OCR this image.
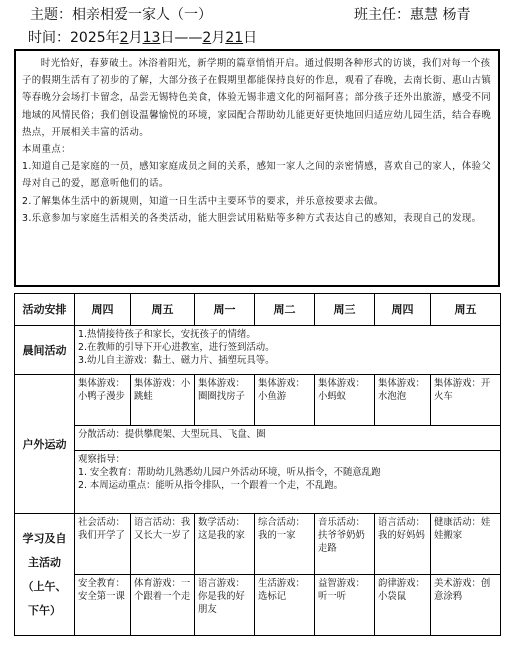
主题：相亲相爱一家人（一）	班主任：惠慧 杨青
时间：2025年2月13日——2月21日

时光恰好，春萝破土。沐浴着阳光，新学期的篇章悄悄开启。通过假期各种形式的访谈，我们对每一个孩子的假期生活有了初步的了解，大部分孩子在假期里都能保持良好的作息，观看了春晚，去南长街、惠山古镇等春晚分会场打卡留念，品尝无锡特色美食，体验无锡非遗文化的阿福阿喜；部分孩子还外出旅游，感受不同地域的风情民俗；我们创设温馨愉悦的环境，家园配合帮助幼儿能更好更快地回归适应幼儿园生活，结合春晚热点，开展相关丰富的活动。

本周重点：

1.知道自己是家庭的一员，感知家庭成员之间的关系，感知一家人之间的亲密情感，喜欢自己的家人，体验父母对自己的爱，愿意听他们的话。

2.了解集体生活中的新规则，知道一日生活中主要环节的要求，并乐意按要求去做。

3.乐意参加与家庭生活相关的各类活动，能大胆尝试用粘贴等多种方式表达自己的感知，表现自己的发现。

活动安排	周四	周五	周一	周二	周三	周四	周五
晨间活动	1.热情接待孩子和家长，安抚孩子的情绪。

2.在教师的引导下开心进教室，进行签到活动。

3.幼儿自主游戏：黏土、磁力片、插塑玩具等。						

户外运动	集体游戏：小鸭子漫步	集体游戏：小跳蛙	集体游戏：圈圈找房子	集体游戏：小鱼游	集体游戏：小蚂蚁	集体游戏：水泡泡	集体游戏：开火车
	分散活动：提供攀爬架、大型玩具、飞盘、圈						

	观察指导：

1. 安全教育：帮助幼儿熟悉幼儿园户外活动环境，听从指令，不随意乱跑

2. 本周运动重点：能听从指令排队，一个跟着一个走，不乱跑。						

学习及自
主活动
（上午、
下午）	社会活动：我们开学了	语言活动：我又长大一岁了	数学活动：这是我的家	综合活动：我的一家	音乐活动：扶爷爷奶奶走路	语言活动：我的好妈妈	健康活动：娃娃搬家
	安全教育：安全第一课	体育游戏：一个跟着一个走	语言游戏：你是我的好朋友	生活游戏：选标记	益智游戏：听一听	韵律游戏：小袋鼠	美术游戏：创意涂鸦
